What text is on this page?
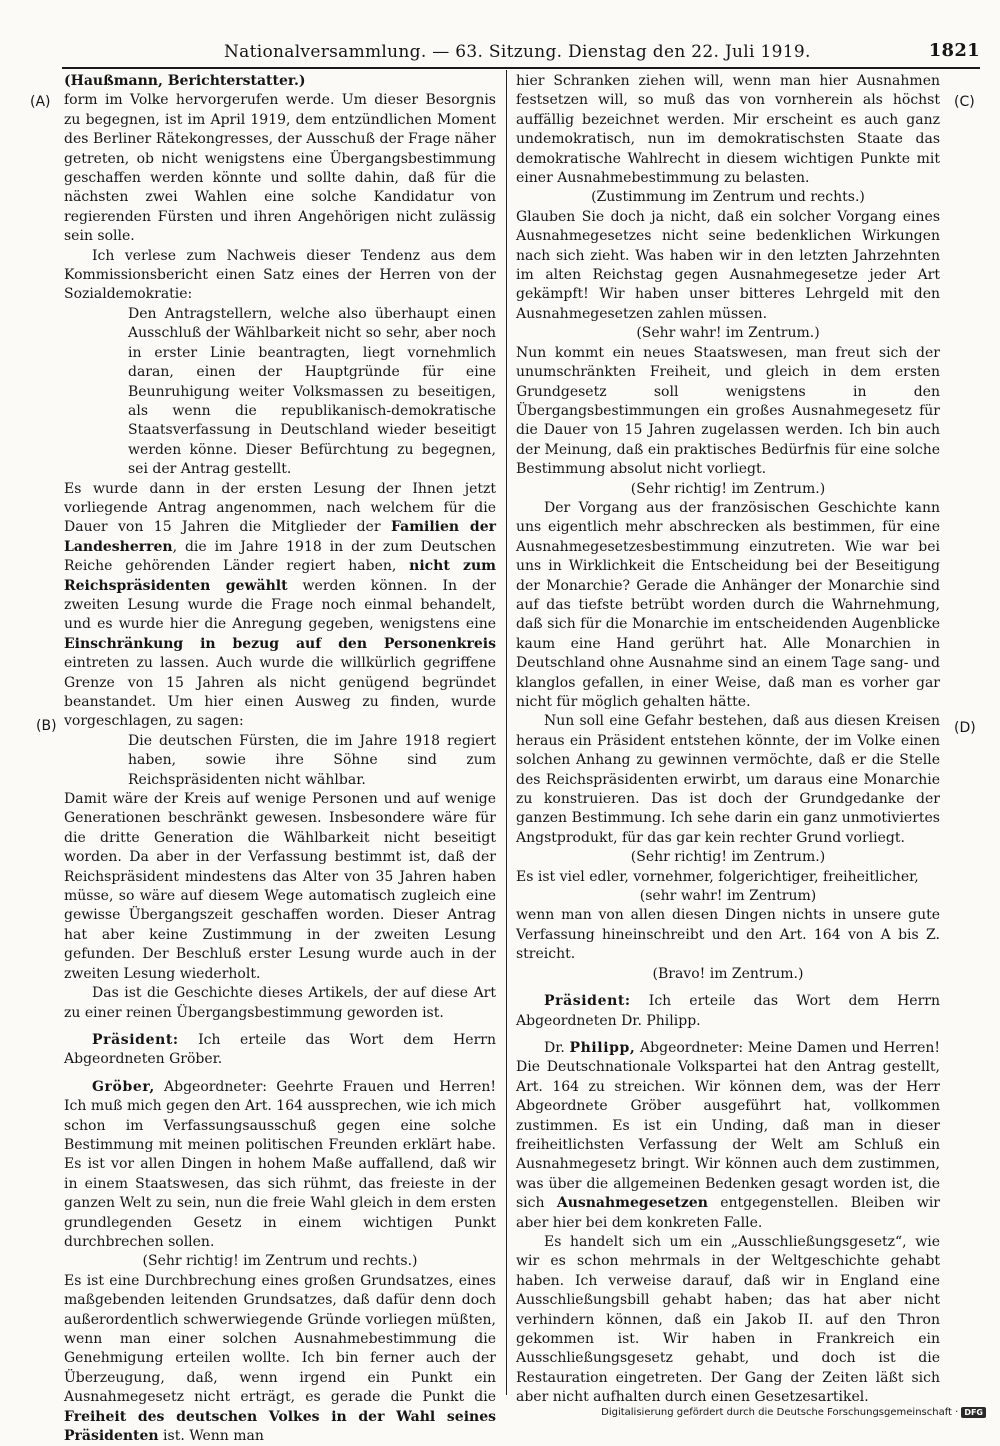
Nationalversammlung. — 63. Sitzung. Dienstag den 22. Juli 1919.	1821
(A)
(B)
(C)
(D)

(Haußmann, Berichterstatter.)

form im Volke hervorgerufen werde. Um dieser Besorgnis zu begegnen, ist im April 1919, dem entzündlichen Moment des Berliner Rätekongresses, der Ausschuß der Frage näher getreten, ob nicht wenigstens eine Übergangsbestimmung geschaffen werden könnte und sollte dahin, daß für die nächsten zwei Wahlen eine solche Kandidatur von regierenden Fürsten und ihren Angehörigen nicht zulässig sein solle.

Ich verlese zum Nachweis dieser Tendenz aus dem Kommissionsbericht einen Satz eines der Herren von der Sozialdemokratie:

Den Antragstellern, welche also überhaupt einen Ausschluß der Wählbarkeit nicht so sehr, aber noch in erster Linie beantragten, liegt vornehmlich daran, einen der Hauptgründe für eine Beunruhigung weiter Volksmassen zu beseitigen, als wenn die republikanisch-demokratische Staatsverfassung in Deutschland wieder beseitigt werden könne. Dieser Befürchtung zu begegnen, sei der Antrag gestellt.

Es wurde dann in der ersten Lesung der Ihnen jetzt vorliegende Antrag angenommen, nach welchem für die Dauer von 15 Jahren die Mitglieder der Familien der Landesherren, die im Jahre 1918 in der zum Deutschen Reiche gehörenden Länder regiert haben, nicht zum Reichspräsidenten gewählt werden können. In der zweiten Lesung wurde die Frage noch einmal behandelt, und es wurde hier die Anregung gegeben, wenigstens eine Einschränkung in bezug auf den Personenkreis eintreten zu lassen. Auch wurde die willkürlich gegriffene Grenze von 15 Jahren als nicht genügend begründet beanstandet. Um hier einen Ausweg zu finden, wurde vorgeschlagen, zu sagen:

Die deutschen Fürsten, die im Jahre 1918 regiert haben, sowie ihre Söhne sind zum Reichspräsidenten nicht wählbar.

Damit wäre der Kreis auf wenige Personen und auf wenige Generationen beschränkt gewesen. Insbesondere wäre für die dritte Generation die Wählbarkeit nicht beseitigt worden. Da aber in der Verfassung bestimmt ist, daß der Reichspräsident mindestens das Alter von 35 Jahren haben müsse, so wäre auf diesem Wege automatisch zugleich eine gewisse Übergangszeit geschaffen worden. Dieser Antrag hat aber keine Zustimmung in der zweiten Lesung gefunden. Der Beschluß erster Lesung wurde auch in der zweiten Lesung wiederholt.

Das ist die Geschichte dieses Artikels, der auf diese Art zu einer reinen Übergangsbestimmung geworden ist.

Präsident: Ich erteile das Wort dem Herrn Abgeordneten Gröber.

Gröber, Abgeordneter: Geehrte Frauen und Herren! Ich muß mich gegen den Art. 164 aussprechen, wie ich mich schon im Verfassungsausschuß gegen eine solche Bestimmung mit meinen politischen Freunden erklärt habe. Es ist vor allen Dingen in hohem Maße auffallend, daß wir in einem Staatswesen, das sich rühmt, das freieste in der ganzen Welt zu sein, nun die freie Wahl gleich in dem ersten grundlegenden Gesetz in einem wichtigen Punkt durchbrechen sollen.

(Sehr richtig! im Zentrum und rechts.)

Es ist eine Durchbrechung eines großen Grundsatzes, eines maßgebenden leitenden Grundsatzes, daß dafür denn doch außerordentlich schwerwiegende Gründe vorliegen müßten, wenn man einer solchen Ausnahmebestimmung die Genehmigung erteilen wollte. Ich bin ferner auch der Überzeugung, daß, wenn irgend ein Punkt ein Ausnahmegesetz nicht erträgt, es gerade die Punkt die Freiheit des deutschen Volkes in der Wahl seines Präsidenten ist. Wenn man

hier Schranken ziehen will, wenn man hier Ausnahmen festsetzen will, so muß das von vornherein als höchst auffällig bezeichnet werden. Mir erscheint es auch ganz undemokratisch, nun im demokratischsten Staate das demokratische Wahlrecht in diesem wichtigen Punkte mit einer Ausnahmebestimmung zu belasten.

(Zustimmung im Zentrum und rechts.)

Glauben Sie doch ja nicht, daß ein solcher Vorgang eines Ausnahmegesetzes nicht seine bedenklichen Wirkungen nach sich zieht. Was haben wir in den letzten Jahrzehnten im alten Reichstag gegen Ausnahmegesetze jeder Art gekämpft! Wir haben unser bitteres Lehrgeld mit den Ausnahmegesetzen zahlen müssen.

(Sehr wahr! im Zentrum.)

Nun kommt ein neues Staatswesen, man freut sich der unumschränkten Freiheit, und gleich in dem ersten Grundgesetz soll wenigstens in den Übergangsbestimmungen ein großes Ausnahmegesetz für die Dauer von 15 Jahren zugelassen werden. Ich bin auch der Meinung, daß ein praktisches Bedürfnis für eine solche Bestimmung absolut nicht vorliegt.

(Sehr richtig! im Zentrum.)

Der Vorgang aus der französischen Geschichte kann uns eigentlich mehr abschrecken als bestimmen, für eine Ausnahmegesetzesbestimmung einzutreten. Wie war bei uns in Wirklichkeit die Entscheidung bei der Beseitigung der Monarchie? Gerade die Anhänger der Monarchie sind auf das tiefste betrübt worden durch die Wahrnehmung, daß sich für die Monarchie im entscheidenden Augenblicke kaum eine Hand gerührt hat. Alle Monarchien in Deutschland ohne Ausnahme sind an einem Tage sang- und klanglos gefallen, in einer Weise, daß man es vorher gar nicht für möglich gehalten hätte.

Nun soll eine Gefahr bestehen, daß aus diesen Kreisen heraus ein Präsident entstehen könnte, der im Volke einen solchen Anhang zu gewinnen vermöchte, daß er die Stelle des Reichspräsidenten erwirbt, um daraus eine Monarchie zu konstruieren. Das ist doch der Grundgedanke der ganzen Bestimmung. Ich sehe darin ein ganz unmotiviertes Angstprodukt, für das gar kein rechter Grund vorliegt.

(Sehr richtig! im Zentrum.)

Es ist viel edler, vornehmer, folgerichtiger, freiheitlicher,

(sehr wahr! im Zentrum)

wenn man von allen diesen Dingen nichts in unsere gute Verfassung hineinschreibt und den Art. 164 von A bis Z. streicht.

(Bravo! im Zentrum.)

Präsident: Ich erteile das Wort dem Herrn Abgeordneten Dr. Philipp.

Dr. Philipp, Abgeordneter: Meine Damen und Herren! Die Deutschnationale Volkspartei hat den Antrag gestellt, Art. 164 zu streichen. Wir können dem, was der Herr Abgeordnete Gröber ausgeführt hat, vollkommen zustimmen. Es ist ein Unding, daß man in dieser freiheitlichsten Verfassung der Welt am Schluß ein Ausnahmegesetz bringt. Wir können auch dem zustimmen, was über die allgemeinen Bedenken gesagt worden ist, die sich Ausnahmegesetzen entgegenstellen. Bleiben wir aber hier bei dem konkreten Falle.

Es handelt sich um ein „Ausschließungsgesetz“, wie wir es schon mehrmals in der Weltgeschichte gehabt haben. Ich verweise darauf, daß wir in England eine Ausschließungsbill gehabt haben; das hat aber nicht verhindern können, daß ein Jakob II. auf den Thron gekommen ist. Wir haben in Frankreich ein Ausschließungsgesetz gehabt, und doch ist die Restauration eingetreten. Der Gang der Zeiten läßt sich aber nicht aufhalten durch einen Gesetzesartikel.

Digitalisierung gefördert durch die Deutsche Forschungsgemeinschaft · DFG
